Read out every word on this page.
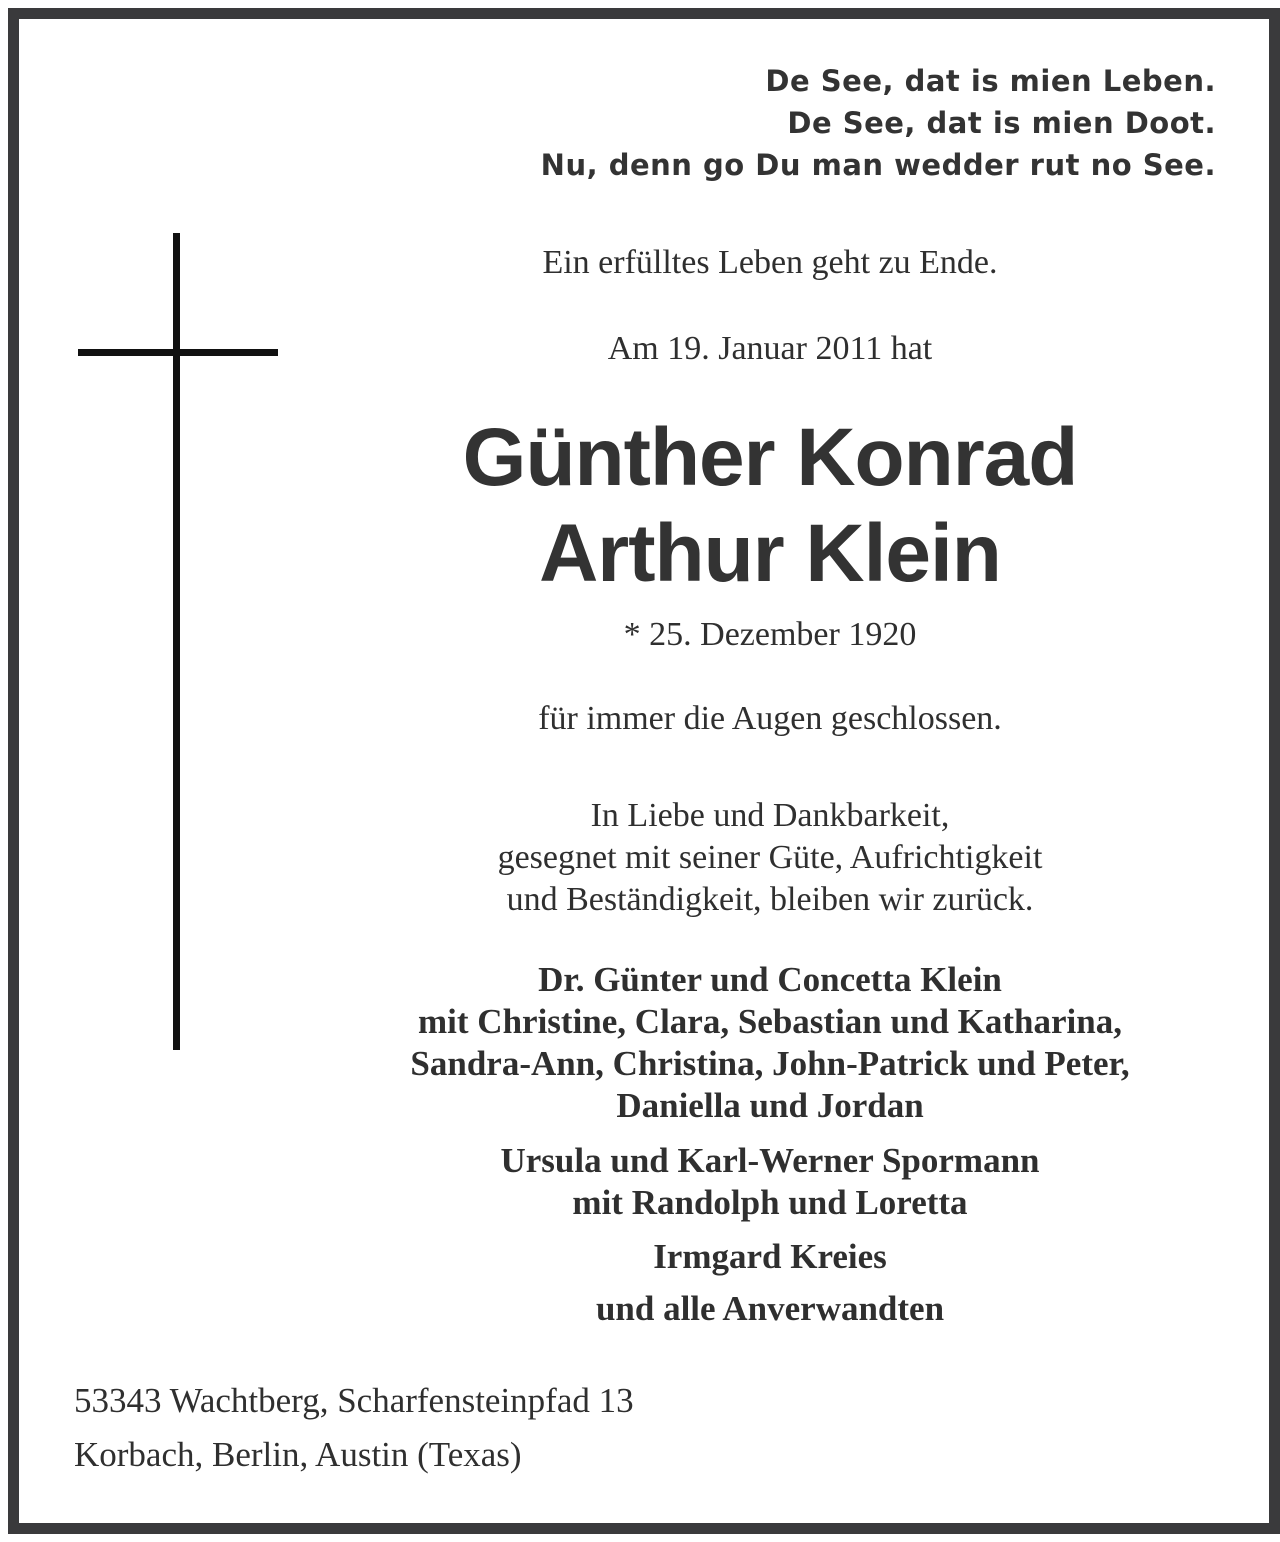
De See, dat is mien Leben.
De See, dat is mien Doot.
Nu, denn go Du man wedder rut no See.
Ein erfülltes Leben geht zu Ende.
Am 19. Januar 2011 hat
Günther Konrad
Arthur Klein
* 25. Dezember 1920
für immer die Augen geschlossen.
In Liebe und Dankbarkeit,
gesegnet mit seiner Güte, Aufrichtigkeit
und Beständigkeit, bleiben wir zurück.
Dr. Günter und Concetta Klein
mit Christine, Clara, Sebastian und Katharina,
Sandra-Ann, Christina, John-Patrick und Peter,
Daniella und Jordan
Ursula und Karl-Werner Spormann
mit Randolph und Loretta
Irmgard Kreies
und alle Anverwandten
53343 Wachtberg, Scharfensteinpfad 13
Korbach, Berlin, Austin (Texas)
